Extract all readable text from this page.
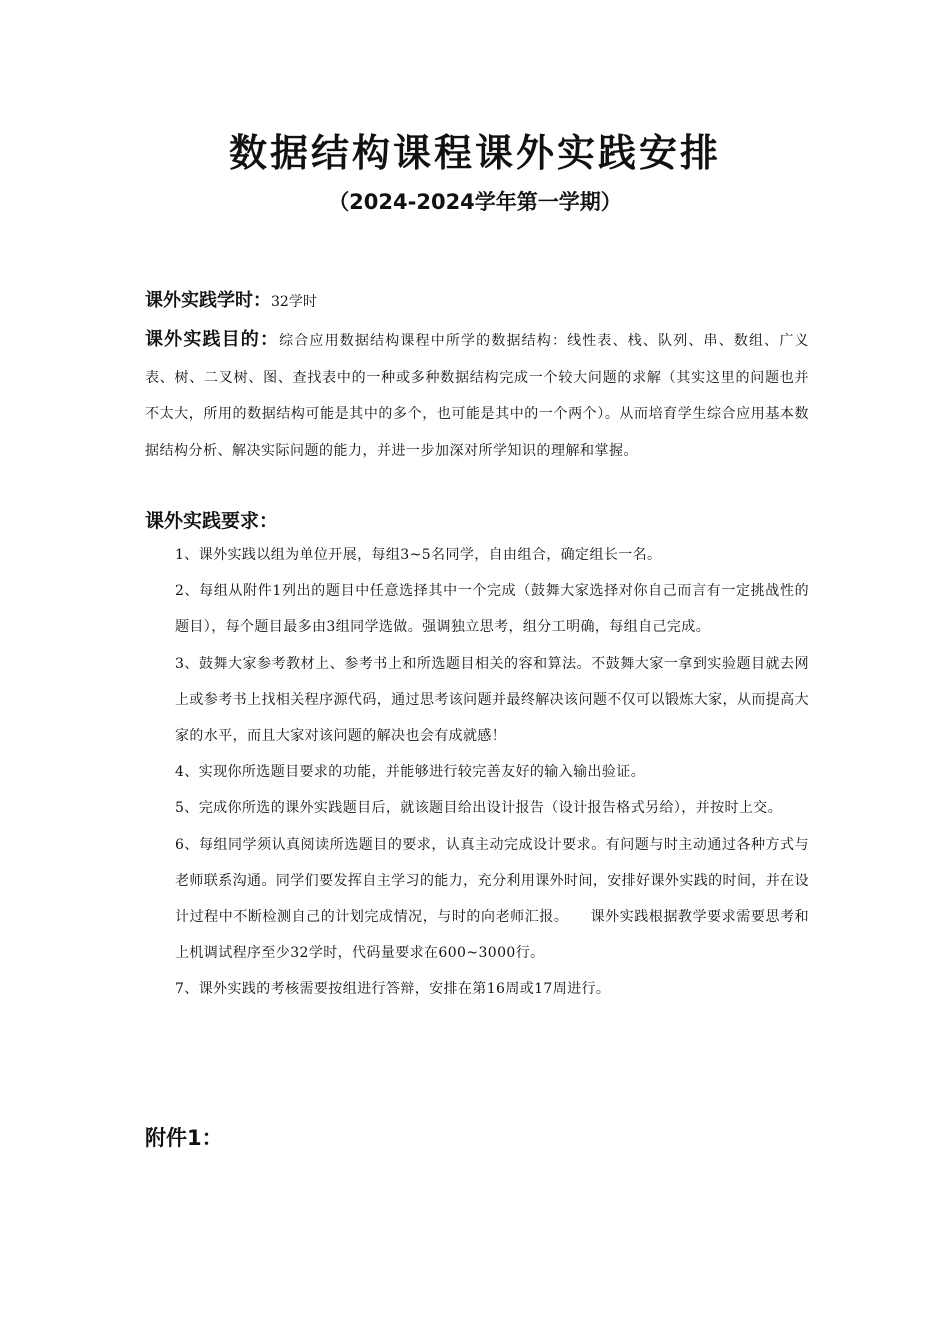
数据结构课程课外实践安排
（2024-2024学年第一学期）
课外实践学时：32学时
课外实践目的：综合应用数据结构课程中所学的数据结构：线性表、栈、队列、串、数组、广义表、树、二叉树、图、查找表中的一种或多种数据结构完成一个较大问题的求解（其实这里的问题也并不太大，所用的数据结构可能是其中的多个，也可能是其中的一个两个）。从而培育学生综合应用基本数据结构分析、解决实际问题的能力，并进一步加深对所学知识的理解和掌握。
课外实践要求：

1、课外实践以组为单位开展，每组3~5名同学，自由组合，确定组长一名。

2、每组从附件1列出的题目中任意选择其中一个完成（鼓舞大家选择对你自己而言有一定挑战性的题目），每个题目最多由3组同学选做。强调独立思考，组分工明确，每组自己完成。

3、鼓舞大家参考教材上、参考书上和所选题目相关的容和算法。不鼓舞大家一拿到实验题目就去网上或参考书上找相关程序源代码，通过思考该问题并最终解决该问题不仅可以锻炼大家，从而提高大家的水平，而且大家对该问题的解决也会有成就感！

4、实现你所选题目要求的功能，并能够进行较完善友好的输入输出验证。

5、完成你所选的课外实践题目后，就该题目给出设计报告（设计报告格式另给），并按时上交。

6、每组同学须认真阅读所选题目的要求，认真主动完成设计要求。有问题与时主动通过各种方式与老师联系沟通。同学们要发挥自主学习的能力，充分利用课外时间，安排好课外实践的时间，并在设计过程中不断检测自己的计划完成情况，与时的向老师汇报。　　课外实践根据教学要求需要思考和上机调试程序至少32学时，代码量要求在600~3000行。

7、课外实践的考核需要按组进行答辩，安排在第16周或17周进行。

附件1：
